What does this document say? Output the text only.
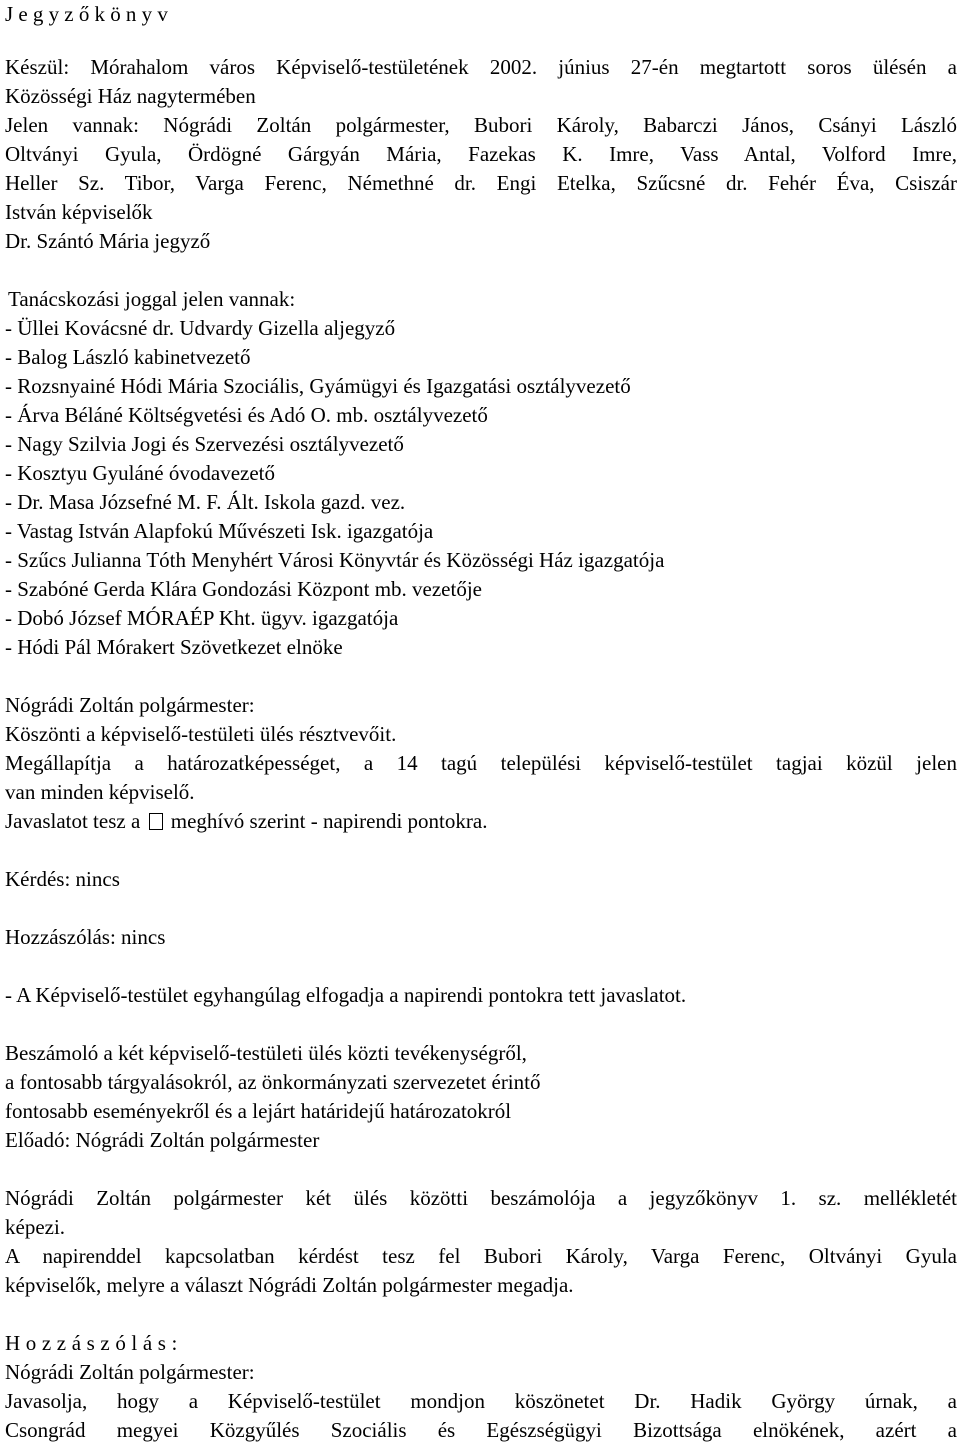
Jegyzőkönyv
Készül: Mórahalom város Képviselő-testületének 2002. június 27-én megtartott soros ülésén a
Közösségi Ház nagytermében
Jelen vannak: Nógrádi Zoltán polgármester, Bubori Károly, Babarczi János, Csányi László
Oltványi Gyula, Ördögné Gárgyán Mária, Fazekas K. Imre, Vass Antal, Volford Imre,
Heller Sz. Tibor, Varga Ferenc, Némethné dr. Engi Etelka, Szűcsné dr. Fehér Éva, Csiszár
István képviselők
Dr. Szántó Mária jegyző
Tanácskozási joggal jelen vannak:
- Üllei Kovácsné dr. Udvardy Gizella aljegyző
- Balog László kabinetvezető
- Rozsnyainé Hódi Mária Szociális, Gyámügyi és Igazgatási osztályvezető
- Árva Béláné Költségvetési és Adó O. mb. osztályvezető
- Nagy Szilvia Jogi és Szervezési osztályvezető
- Kosztyu Gyuláné óvodavezető
- Dr. Masa Józsefné M. F. Ált. Iskola gazd. vez.
- Vastag István Alapfokú Művészeti Isk. igazgatója
- Szűcs Julianna Tóth Menyhért Városi Könyvtár és Közösségi Ház igazgatója
- Szabóné Gerda Klára Gondozási Központ mb. vezetője
- Dobó József MÓRAÉP Kht. ügyv. igazgatója
- Hódi Pál Mórakert Szövetkezet elnöke
Nógrádi Zoltán polgármester:
Köszönti a képviselő-testületi ülés résztvevőit.
Megállapítja a határozatképességet, a 14 tagú települési képviselő-testület tagjai közül jelen
van minden képviselő.
Javaslatot tesz a meghívó szerint - napirendi pontokra.
Kérdés: nincs
Hozzászólás: nincs
- A Képviselő-testület egyhangúlag elfogadja a napirendi pontokra tett javaslatot.
Beszámoló a két képviselő-testületi ülés közti tevékenységről,
a fontosabb tárgyalásokról, az önkormányzati szervezetet érintő
fontosabb eseményekről és a lejárt határidejű határozatokról
Előadó: Nógrádi Zoltán polgármester
Nógrádi Zoltán polgármester két ülés közötti beszámolója a jegyzőkönyv 1. sz. mellékletét
képezi.
A napirenddel kapcsolatban kérdést tesz fel Bubori Károly, Varga Ferenc, Oltványi Gyula
képviselők, melyre a választ Nógrádi Zoltán polgármester megadja.
Hozzászólás:
Nógrádi Zoltán polgármester:
Javasolja, hogy a Képviselő-testület mondjon köszönetet Dr. Hadik György úrnak, a
Csongrád megyei Közgyűlés Szociális és Egészségügyi Bizottsága elnökének, azért a
